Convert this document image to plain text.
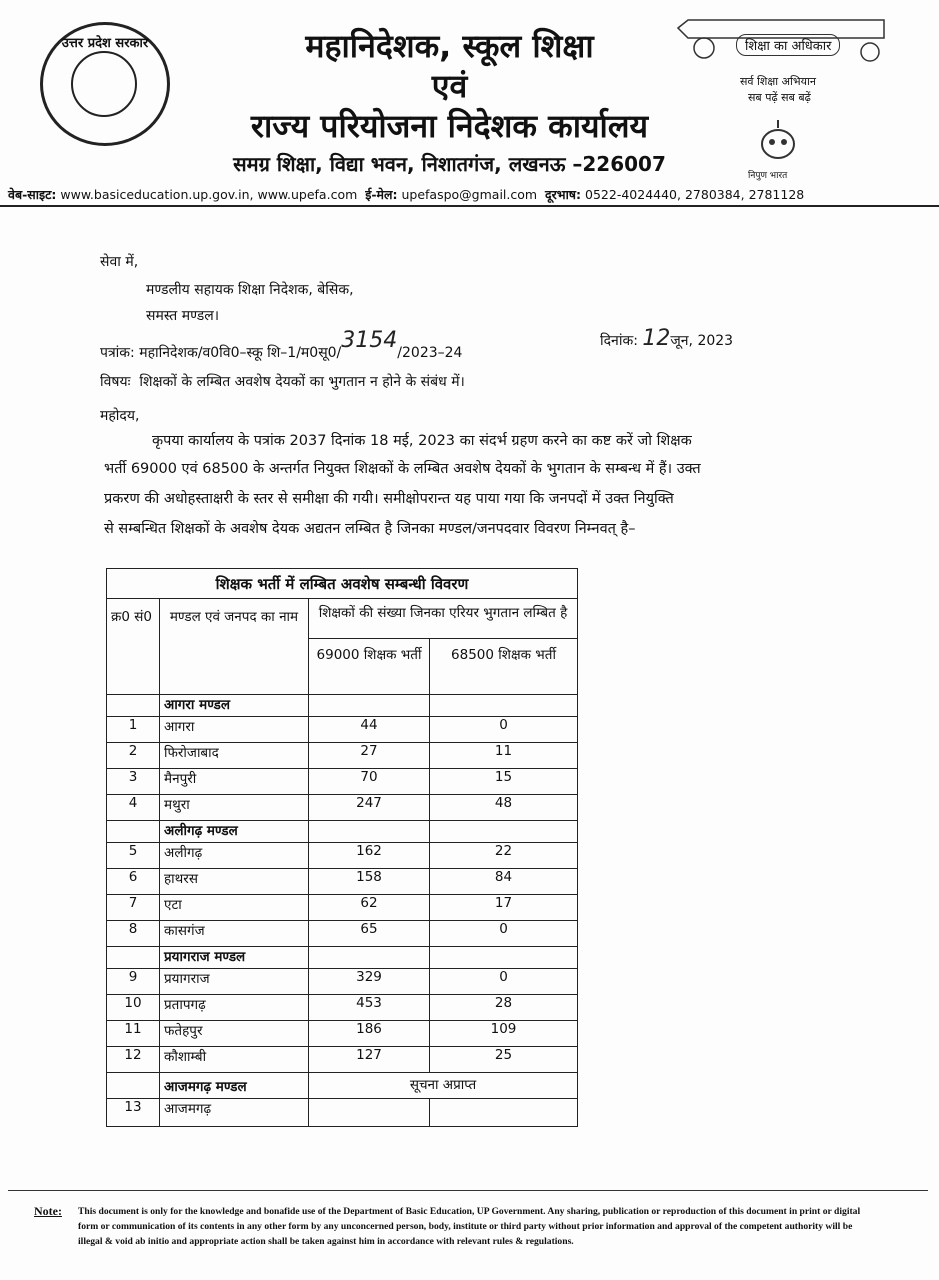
उत्तर प्रदेश सरकार	महानिदेशक, स्कूल शिक्षा
एवं
राज्य परियोजना निदेशक कार्यालय
समग्र शिक्षा, विद्या भवन, निशातगंज, लखनऊ –226007
शिक्षा का अधिकार
सर्व शिक्षा अभियान
सब पढ़ें सब बढ़ें
निपुण भारत
वेब-साइट: www.basiceducation.up.gov.in, www.upefa.com ई-मेल: upefaspo@gmail.com दूरभाष: 0522-4024440, 2780384, 2781128
सेवा में,
मण्डलीय सहायक शिक्षा निदेशक, बेसिक,
समस्त मण्डल।
पत्रांक: महानिदेशक/व0वि0–स्कू शि–1/म0सू0/3154/2023–24
दिनांक: 12जून, 2023
विषयः शिक्षकों के लम्बित अवशेष देयकों का भुगतान न होने के संबंध में।
महोदय,
कृपया कार्यालय के पत्रांक 2037 दिनांक 18 मई, 2023 का संदर्भ ग्रहण करने का कष्ट करें जो शिक्षक
भर्ती 69000 एवं 68500 के अन्तर्गत नियुक्त शिक्षकों के लम्बित अवशेष देयकों के भुगतान के सम्बन्ध में हैं। उक्त
प्रकरण की अधोहस्ताक्षरी के स्तर से समीक्षा की गयी। समीक्षोपरान्त यह पाया गया कि जनपदों में उक्त नियुक्ति
से सम्बन्धित शिक्षकों के अवशेष देयक अद्यतन लम्बित है जिनका मण्डल/जनपदवार विवरण निम्नवत् है–
शिक्षक भर्ती में लम्बित अवशेष सम्बन्धी विवरण			
क्र0 सं0	मण्डल एवं जनपद का नाम	शिक्षकों की संख्या जिनका एरियर भुगतान लम्बित है	
		69000 शिक्षक भर्ती	68500 शिक्षक भर्ती
	आगरा मण्डल		
1	आगरा	44	0
2	फिरोजाबाद	27	11
3	मैनपुरी	70	15
4	मथुरा	247	48
	अलीगढ़ मण्डल		
5	अलीगढ़	162	22
6	हाथरस	158	84
7	एटा	62	17
8	कासगंज	65	0
	प्रयागराज मण्डल		
9	प्रयागराज	329	0
10	प्रतापगढ़	453	28
11	फतेहपुर	186	109
12	कौशाम्बी	127	25
	आजमगढ़ मण्डल	सूचना अप्राप्त	
13	आजमगढ़		
Note: This document is only for the knowledge and bonafide use of the Department of Basic Education, UP Government. Any sharing, publication or reproduction of this document in print or digital form or communication of its contents in any other form by any unconcerned person, body, institute or third party without prior information and approval of the competent authority will be illegal & void ab initio and appropriate action shall be taken against him in accordance with relevant rules & regulations.
